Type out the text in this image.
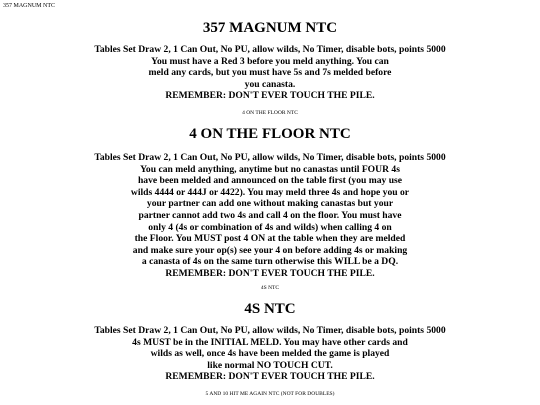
357 MAGNUM NTC
357 MAGNUM NTC
Tables Set Draw 2, 1 Can Out, No PU, allow wilds, No Timer, disable bots, points 5000
You must have a Red 3 before you meld anything. You can
meld any cards, but you must have 5s and 7s melded before
you canasta.
REMEMBER: DON'T EVER TOUCH THE PILE.
4 ON THE FLOOR NTC
4 ON THE FLOOR NTC
Tables Set Draw 2, 1 Can Out, No PU, allow wilds, No Timer, disable bots, points 5000
You can meld anything, anytime but no canastas until FOUR 4s
have been melded and announced on the table first (you may use
wilds 4444 or 444J or 4422). You may meld three 4s and hope you or
your partner can add one without making canastas but your
partner cannot add two 4s and call 4 on the floor. You must have
only 4 (4s or combination of 4s and wilds) when calling 4 on
the Floor. You MUST post 4 ON at the table when they are melded
and make sure your op(s) see your 4 on before adding 4s or making
a canasta of 4s on the same turn otherwise this WILL be a DQ.
REMEMBER: DON'T EVER TOUCH THE PILE.
4S NTC
4S NTC
Tables Set Draw 2, 1 Can Out, No PU, allow wilds, No Timer, disable bots, points 5000
4s MUST be in the INITIAL MELD. You may have other cards and
wilds as well, once 4s have been melded the game is played
like normal NO TOUCH CUT.
REMEMBER: DON'T EVER TOUCH THE PILE.
5 AND 10 HIT ME AGAIN NTC (NOT FOR DOUBLES)
